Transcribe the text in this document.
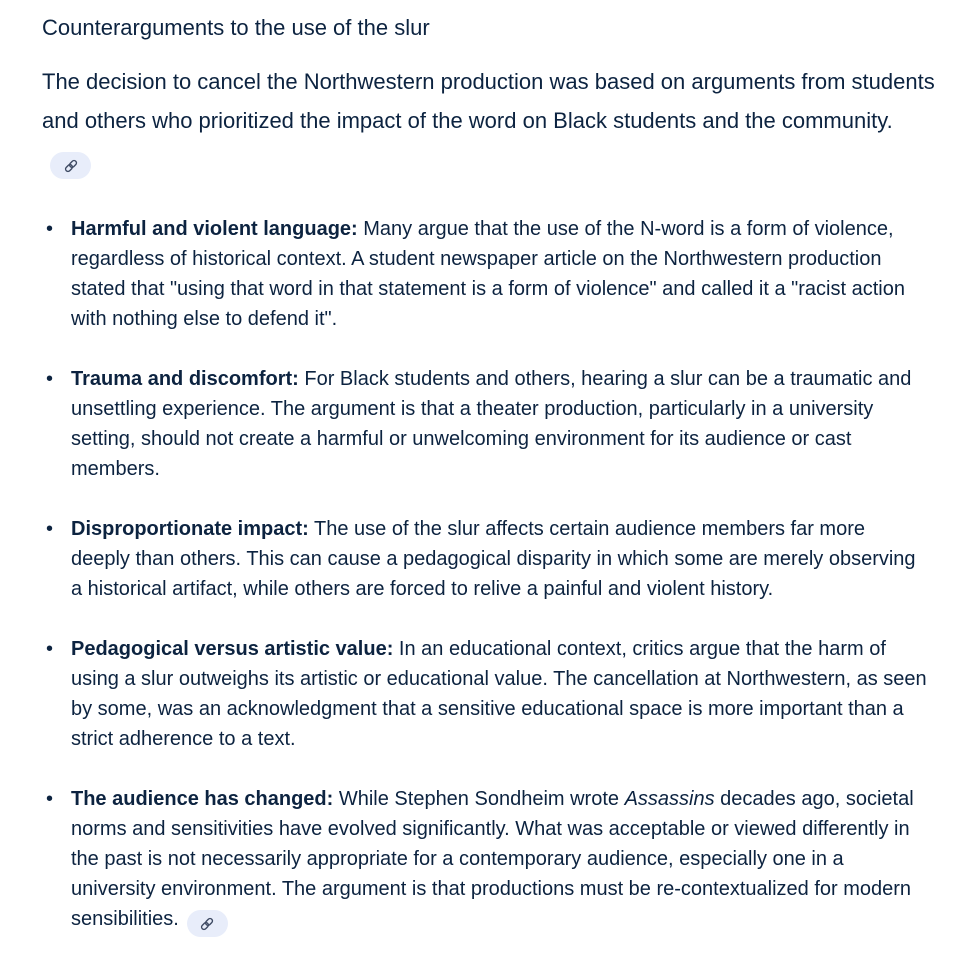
Counterarguments to the use of the slur

The decision to cancel the Northwestern production was based on arguments from students and others who prioritized the impact of the word on Black students and the community.

• Harmful and violent language: Many argue that the use of the N-word is a form of violence, regardless of historical context. A student newspaper article on the Northwestern production stated that "using that word in that statement is a form of violence" and called it a "racist action with nothing else to defend it".
• Trauma and discomfort: For Black students and others, hearing a slur can be a traumatic and unsettling experience. The argument is that a theater production, particularly in a university setting, should not create a harmful or unwelcoming environment for its audience or cast members.
• Disproportionate impact: The use of the slur affects certain audience members far more deeply than others. This can cause a pedagogical disparity in which some are merely observing a historical artifact, while others are forced to relive a painful and violent history.
• Pedagogical versus artistic value: In an educational context, critics argue that the harm of using a slur outweighs its artistic or educational value. The cancellation at Northwestern, as seen by some, was an acknowledgment that a sensitive educational space is more important than a strict adherence to a text.
• The audience has changed: While Stephen Sondheim wrote Assassins decades ago, societal norms and sensitivities have evolved significantly. What was acceptable or viewed differently in the past is not necessarily appropriate for a contemporary audience, especially one in a university environment. The argument is that productions must be re-contextualized for modern sensibilities.
